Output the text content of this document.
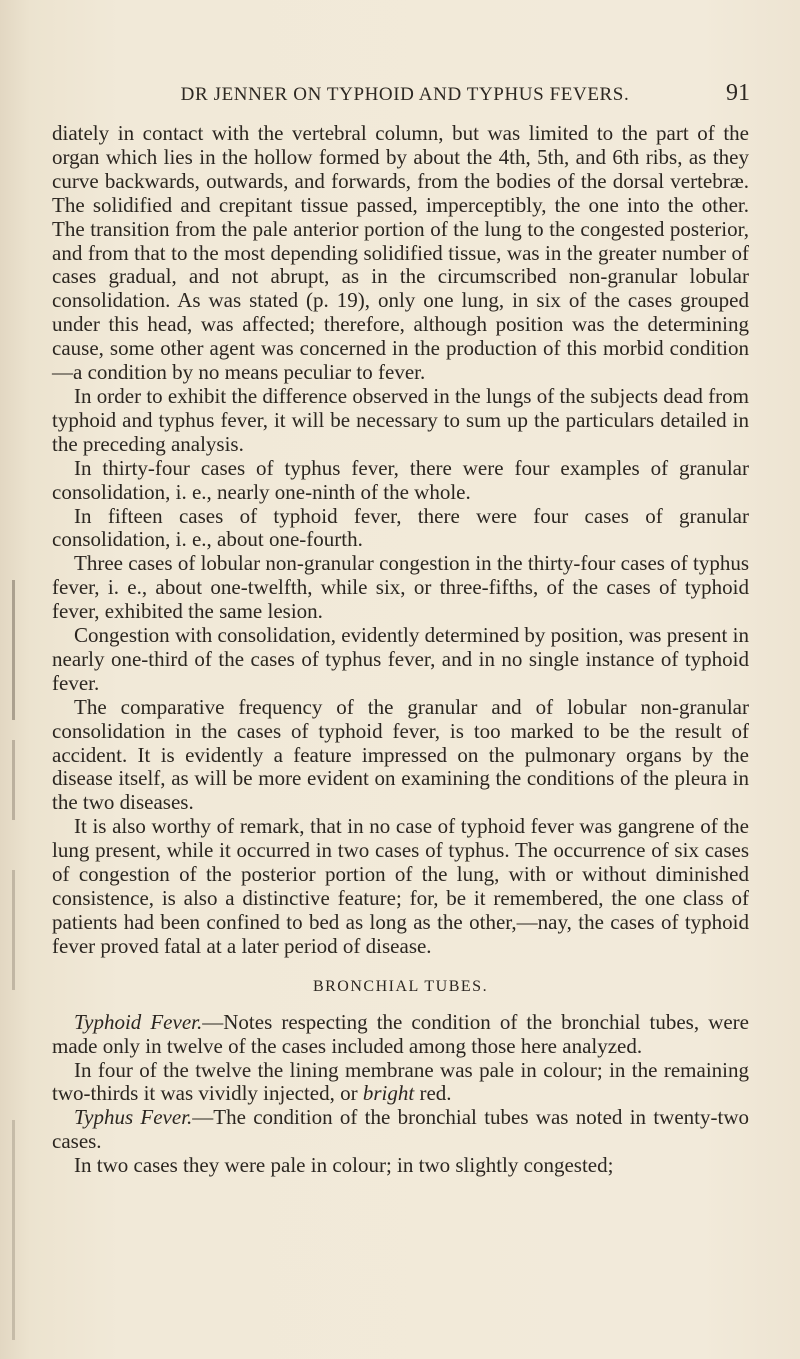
DR JENNER ON TYPHOID AND TYPHUS FEVERS.	91

diately in contact with the vertebral column, but was limited to the part of the organ which lies in the hollow formed by about the 4th, 5th, and 6th ribs, as they curve backwards, outwards, and forwards, from the bodies of the dorsal vertebræ. The solidified and crepitant tissue passed, imperceptibly, the one into the other. The transition from the pale anterior portion of the lung to the congested posterior, and from that to the most depending solidified tissue, was in the greater number of cases gradual, and not abrupt, as in the circumscribed non-granular lobular consolidation. As was stated (p. 19), only one lung, in six of the cases grouped under this head, was affected; therefore, although position was the determining cause, some other agent was concerned in the production of this morbid condition—a condition by no means peculiar to fever.

In order to exhibit the difference observed in the lungs of the subjects dead from typhoid and typhus fever, it will be necessary to sum up the particulars detailed in the preceding analysis.

In thirty-four cases of typhus fever, there were four examples of granular consolidation, i. e., nearly one-ninth of the whole.

In fifteen cases of typhoid fever, there were four cases of granular consolidation, i. e., about one-fourth.

Three cases of lobular non-granular congestion in the thirty-four cases of typhus fever, i. e., about one-twelfth, while six, or three-fifths, of the cases of typhoid fever, exhibited the same lesion.

Congestion with consolidation, evidently determined by position, was present in nearly one-third of the cases of typhus fever, and in no single instance of typhoid fever.

The comparative frequency of the granular and of lobular non-granular consolidation in the cases of typhoid fever, is too marked to be the result of accident. It is evidently a feature impressed on the pulmonary organs by the disease itself, as will be more evident on examining the conditions of the pleura in the two diseases.

It is also worthy of remark, that in no case of typhoid fever was gangrene of the lung present, while it occurred in two cases of typhus. The occurrence of six cases of congestion of the posterior portion of the lung, with or without diminished consistence, is also a distinctive feature; for, be it remembered, the one class of patients had been confined to bed as long as the other,—nay, the cases of typhoid fever proved fatal at a later period of disease.

BRONCHIAL TUBES.

Typhoid Fever.—Notes respecting the condition of the bronchial tubes, were made only in twelve of the cases included among those here analyzed.

In four of the twelve the lining membrane was pale in colour; in the remaining two-thirds it was vividly injected, or bright red.

Typhus Fever.—The condition of the bronchial tubes was noted in twenty-two cases.

In two cases they were pale in colour; in two slightly congested;
